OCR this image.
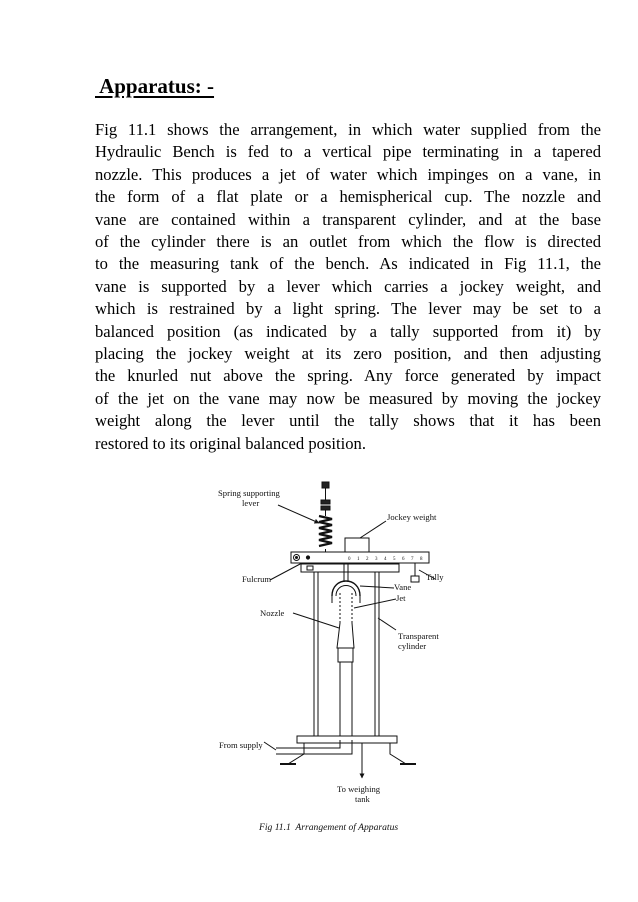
Apparatus: -
Fig 11.1 shows the arrangement, in which water supplied from the
Hydraulic Bench is fed to a vertical pipe terminating in a tapered
nozzle. This produces a jet of water which impinges on a vane, in
the form of a flat plate or a hemispherical cup. The nozzle and
vane are contained within a transparent cylinder, and at the base
of the cylinder there is an outlet from which the flow is directed
to the measuring tank of the bench. As indicated in Fig 11.1, the
vane is supported by a lever which carries a jockey weight, and
which is restrained by a light spring. The lever may be set to a
balanced position (as indicated by a tally supported from it) by
placing the jockey weight at its zero position, and then adjusting
the knurled nut above the spring. Any force generated by impact
of the jet on the vane may now be measured by moving the jockey
weight along the lever until the tally shows that it has been
restored to its original balanced position.
0 1 2 3 4 5 6 7 8
Spring supporting
lever
Jockey weight
Tally
Fulcrum
Vane
Jet
Nozzle
Transparent
cylinder
From supply
To weighing
tank
Fig 11.1  Arrangement of Apparatus
